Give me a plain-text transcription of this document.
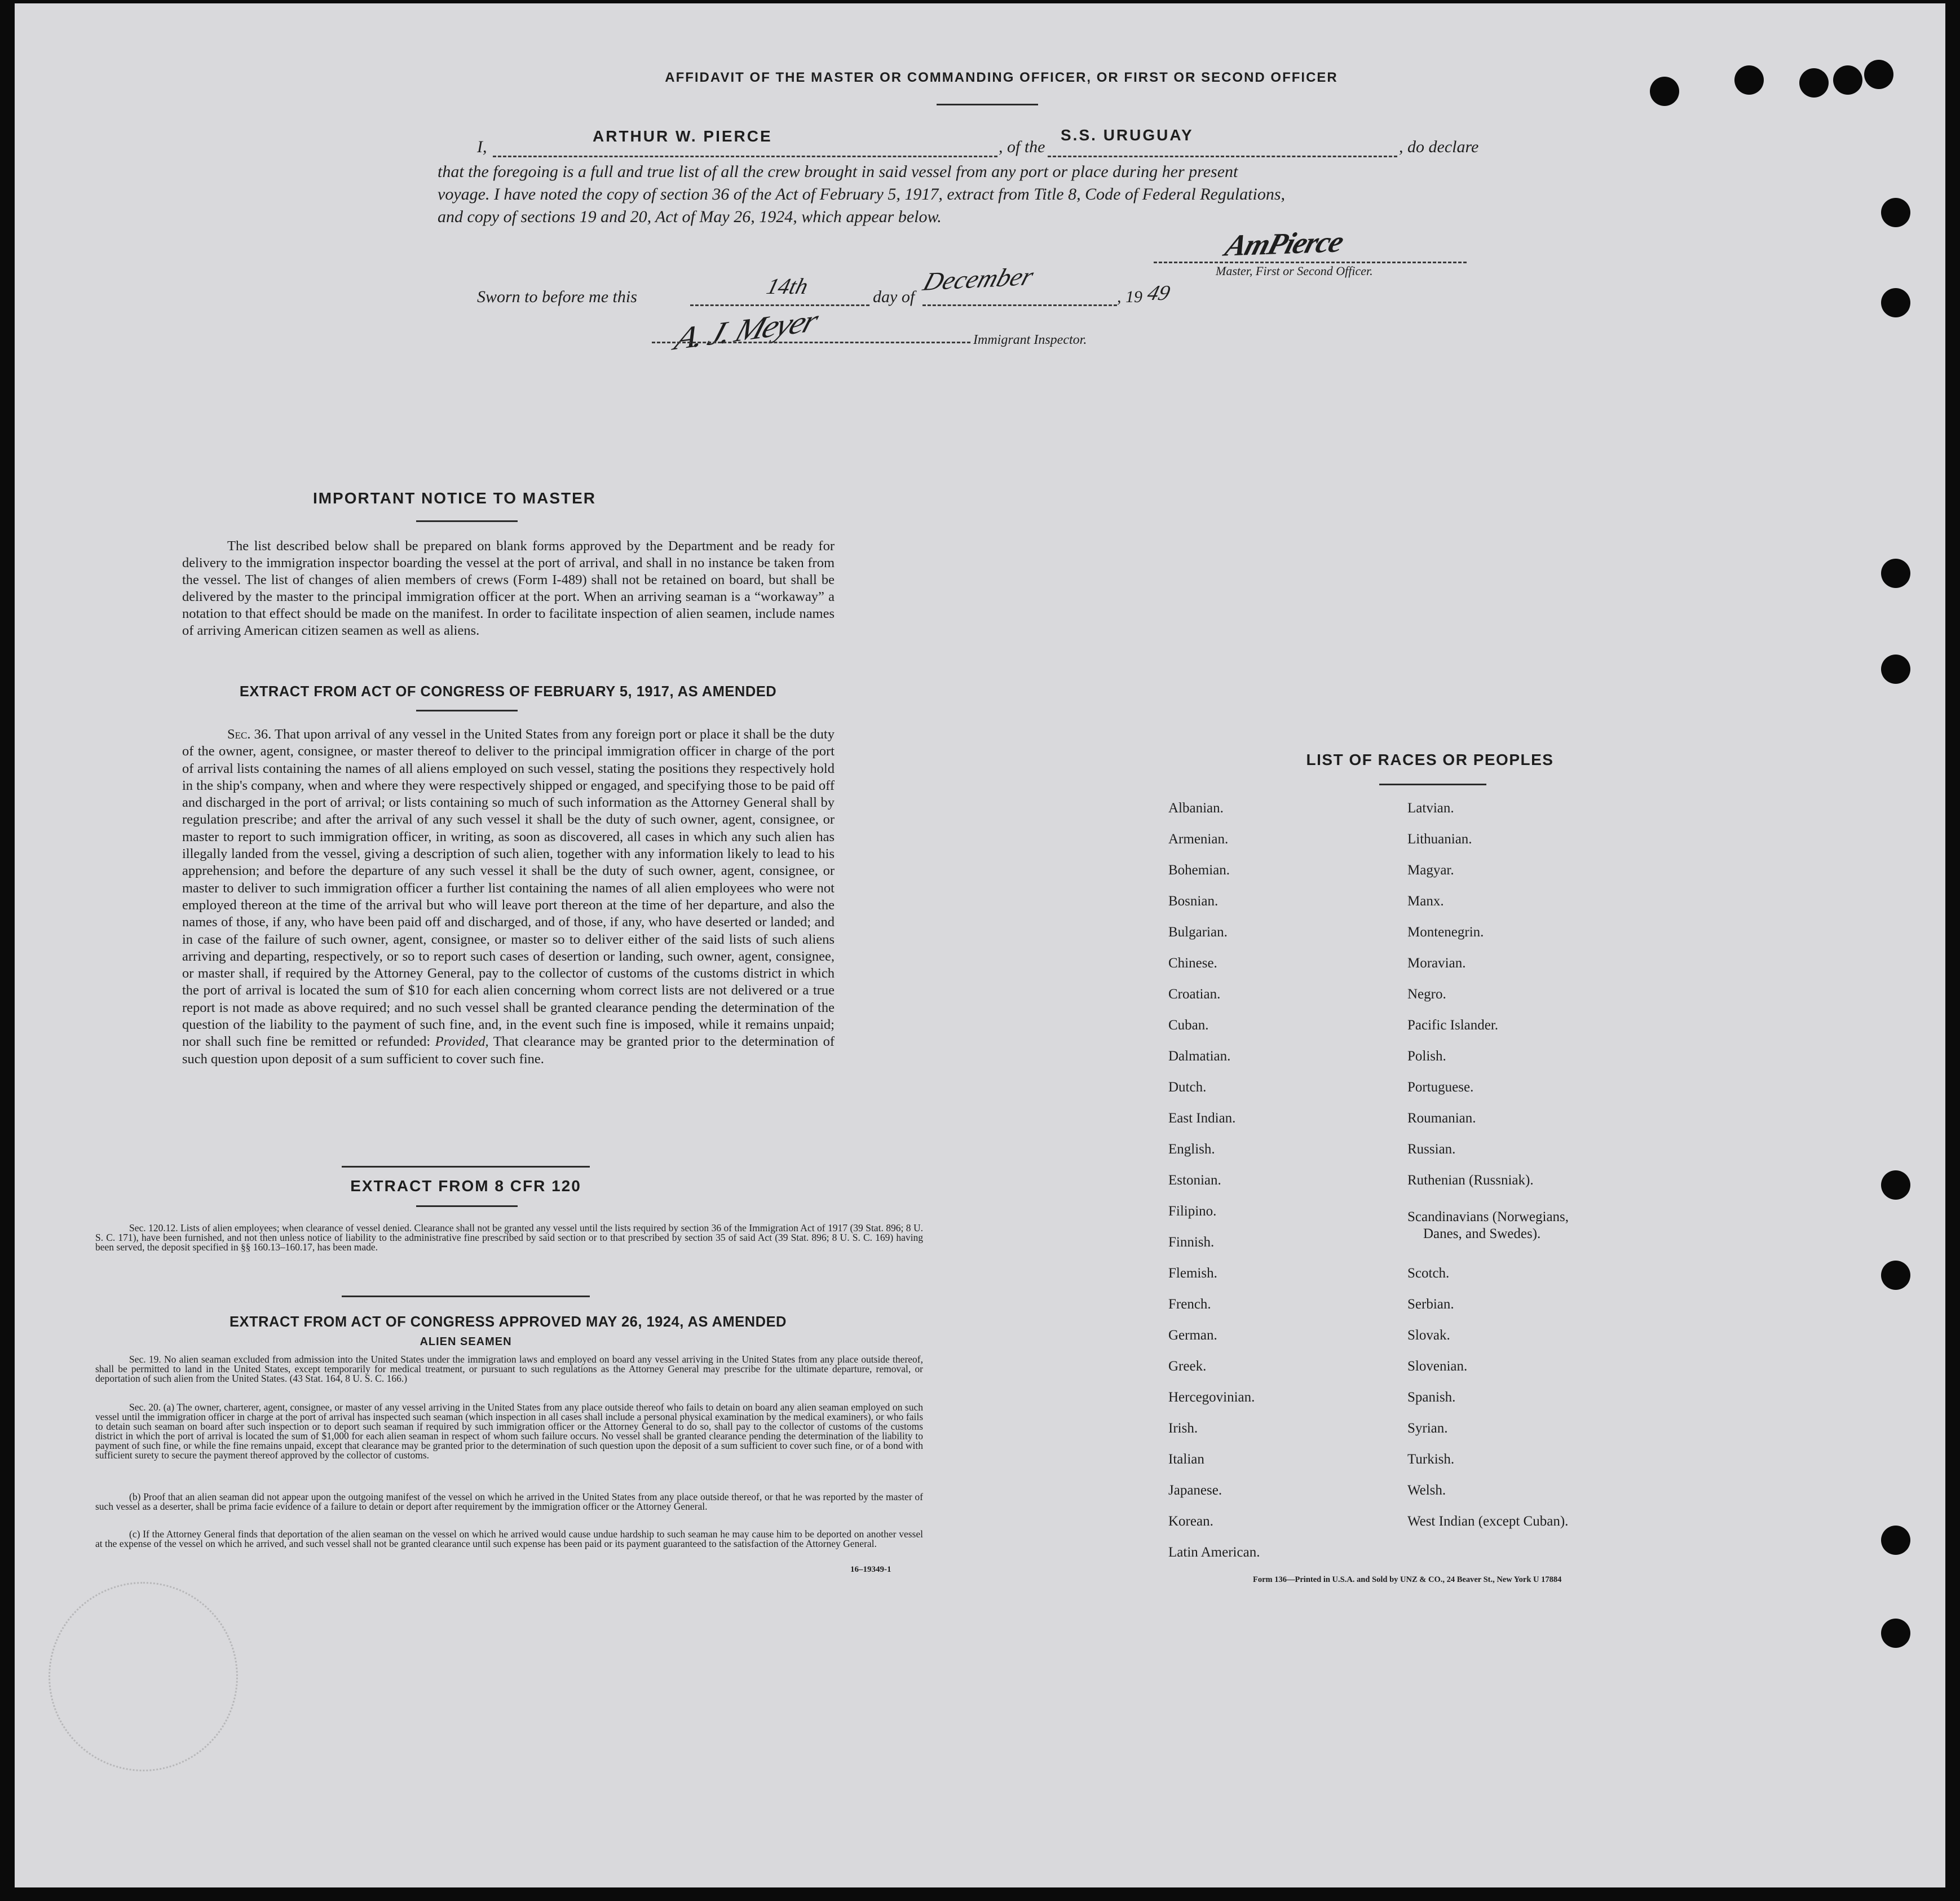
AFFIDAVIT OF THE MASTER OR COMMANDING OFFICER, OR FIRST OR SECOND OFFICER
I,
ARTHUR W. PIERCE
, of the
S.S. URUGUAY
, do declare
that the foregoing is a full and true list of all the crew brought in said vessel from any port or place during her present
voyage. I have noted the copy of section 36 of the Act of February 5, 1917, extract from Title 8, Code of Federal Regulations,
and copy of sections 19 and 20, Act of May 26, 1924, which appear below.
AmPierce
Master, First or Second Officer.
Sworn to before me this	14th	day of
December
, 19 49
A. J. Meyer	Immigrant Inspector.
IMPORTANT NOTICE TO MASTER
The list described below shall be prepared on blank forms approved by the Department and be ready for delivery to the immigration inspector boarding the vessel at the port of arrival, and shall in no instance be taken from the vessel. The list of changes of alien members of crews (Form I-489) shall not be retained on board, but shall be delivered by the master to the principal immigration officer at the port. When an arriving seaman is a “workaway” a notation to that effect should be made on the manifest. In order to facilitate inspection of alien seamen, include names of arriving American citizen seamen as well as aliens.
EXTRACT FROM ACT OF CONGRESS OF FEBRUARY 5, 1917, AS AMENDED
Sec. 36. That upon arrival of any vessel in the United States from any foreign port or place it shall be the duty of the owner, agent, consignee, or master thereof to deliver to the principal immigration officer in charge of the port of arrival lists containing the names of all aliens employed on such vessel, stating the positions they respectively hold in the ship's company, when and where they were respectively shipped or engaged, and specifying those to be paid off and discharged in the port of arrival; or lists containing so much of such information as the Attorney General shall by regulation prescribe; and after the arrival of any such vessel it shall be the duty of such owner, agent, consignee, or master to report to such immigration officer, in writing, as soon as discovered, all cases in which any such alien has illegally landed from the vessel, giving a description of such alien, together with any information likely to lead to his apprehension; and before the departure of any such vessel it shall be the duty of such owner, agent, consignee, or master to deliver to such immigration officer a further list containing the names of all alien employees who were not employed thereon at the time of the arrival but who will leave port thereon at the time of her departure, and also the names of those, if any, who have been paid off and discharged, and of those, if any, who have deserted or landed; and in case of the failure of such owner, agent, consignee, or master so to deliver either of the said lists of such aliens arriving and departing, respectively, or so to report such cases of desertion or landing, such owner, agent, consignee, or master shall, if required by the Attorney General, pay to the collector of customs of the customs district in which the port of arrival is located the sum of $10 for each alien concerning whom correct lists are not delivered or a true report is not made as above required; and no such vessel shall be granted clearance pending the determination of the question of the liability to the payment of such fine, and, in the event such fine is imposed, while it remains unpaid; nor shall such fine be remitted or refunded: Provided, That clearance may be granted prior to the determination of such question upon deposit of a sum sufficient to cover such fine.
EXTRACT FROM 8 CFR 120
Sec. 120.12. Lists of alien employees; when clearance of vessel denied. Clearance shall not be granted any vessel until the lists required by section 36 of the Immigration Act of 1917 (39 Stat. 896; 8 U. S. C. 171), have been furnished, and not then unless notice of liability to the administrative fine prescribed by said section or to that prescribed by section 35 of said Act (39 Stat. 896; 8 U. S. C. 169) having been served, the deposit specified in §§ 160.13–160.17, has been made.
EXTRACT FROM ACT OF CONGRESS APPROVED MAY 26, 1924, AS AMENDED
ALIEN SEAMEN
Sec. 19. No alien seaman excluded from admission into the United States under the immigration laws and employed on board any vessel arriving in the United States from any place outside thereof, shall be permitted to land in the United States, except temporarily for medical treatment, or pursuant to such regulations as the Attorney General may prescribe for the ultimate departure, removal, or deportation of such alien from the United States. (43 Stat. 164, 8 U. S. C. 166.)
Sec. 20. (a) The owner, charterer, agent, consignee, or master of any vessel arriving in the United States from any place outside thereof who fails to detain on board any alien seaman employed on such vessel until the immigration officer in charge at the port of arrival has inspected such seaman (which inspection in all cases shall include a personal physical examination by the medical examiners), or who fails to detain such seaman on board after such inspection or to deport such seaman if required by such immigration officer or the Attorney General to do so, shall pay to the collector of customs of the customs district in which the port of arrival is located the sum of $1,000 for each alien seaman in respect of whom such failure occurs. No vessel shall be granted clearance pending the determination of the liability to payment of such fine, or while the fine remains unpaid, except that clearance may be granted prior to the determination of such question upon the deposit of a sum sufficient to cover such fine, or of a bond with sufficient surety to secure the payment thereof approved by the collector of customs.
(b) Proof that an alien seaman did not appear upon the outgoing manifest of the vessel on which he arrived in the United States from any place outside thereof, or that he was reported by the master of such vessel as a deserter, shall be prima facie evidence of a failure to detain or deport after requirement by the immigration officer or the Attorney General.
(c) If the Attorney General finds that deportation of the alien seaman on the vessel on which he arrived would cause undue hardship to such seaman he may cause him to be deported on another vessel at the expense of the vessel on which he arrived, and such vessel shall not be granted clearance until such expense has been paid or its payment guaranteed to the satisfaction of the Attorney General.
16–19349-1
LIST OF RACES OR PEOPLES
Albanian.
Armenian.
Bohemian.
Bosnian.
Bulgarian.
Chinese.
Croatian.
Cuban.
Dalmatian.
Dutch.
East Indian.
English.
Estonian.
Filipino.
Finnish.
Flemish.
French.
German.
Greek.
Hercegovinian.
Irish.
Italian
Japanese.
Korean.
Latin American.
Latvian.
Lithuanian.
Magyar.
Manx.
Montenegrin.
Moravian.
Negro.
Pacific Islander.
Polish.
Portuguese.
Roumanian.
Russian.
Ruthenian (Russniak).
Scandinavians (Norwegians,
Danes, and Swedes).
Scotch.
Serbian.
Slovak.
Slovenian.
Spanish.
Syrian.
Turkish.
Welsh.
West Indian (except Cuban).
Form 136—Printed in U.S.A. and Sold by UNZ & CO., 24 Beaver St., New York U 17884
